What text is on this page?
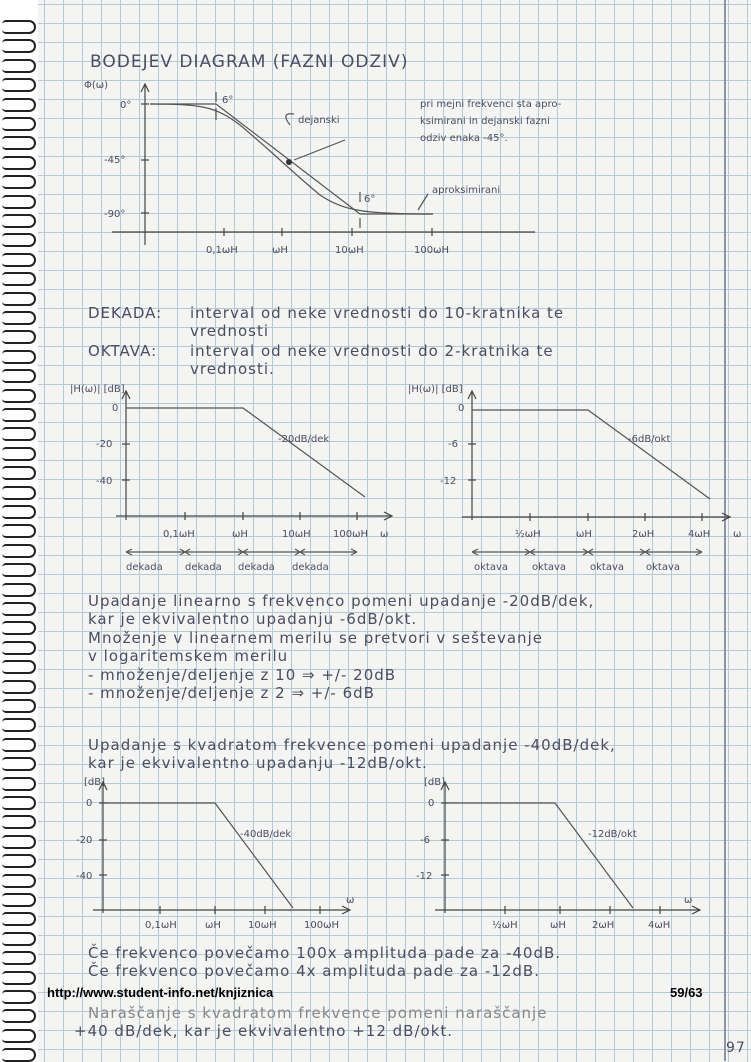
BODEJEV DIAGRAM (FAZNI ODZIV)
Φ(ω)
0°
-45°
-90°
0,1ωH	ωH	10ωH	100ωH
6°
6°
dejanski
aproksimirani
pri mejni frekvenci sta apro-
ksimirani in dejanski fazni
odziv enaka -45°.
DEKADA: interval od neke vrednosti do 10-kratnika te
vrednosti
OKTAVA: interval od neke vrednosti do 2-kratnika te
vrednosti.
|H(ω)| [dB]
0
-20
-40
-20dB/dek
0,1ωH	ωH	10ωH 100ωH ω
dekada dekada dekada dekada
|H(ω)| [dB]
0
-6
-12
-6dB/okt
½ωH	ωH	2ωH	4ωH ω
oktava oktava oktava oktava
Upadanje linearno s frekvenco pomeni upadanje -20dB/dek,
kar je ekvivalentno upadanju -6dB/okt.
Množenje v linearnem merilu se pretvori v seštevanje
v logaritemskem merilu
- množenje/deljenje z 10 ⇒ +/- 20dB
- množenje/deljenje z 2 ⇒ +/- 6dB
Upadanje s kvadratom frekvence pomeni upadanje -40dB/dek,
kar je ekvivalentno upadanju -12dB/okt.
[dB]
0
-20
-40
-40dB/dek
0,1ωH	ωH	10ωH	100ωH
ω
[dB]
0
-6
-12
-12dB/okt
½ωH	ωH	2ωH	4ωH
ω
Če frekvenco povečamo 100x amplituda pade za -40dB.
Če frekvenco povečamo 4x amplituda pade za -12dB.
http://www.student-info.net/knjiznica	59/63
Naraščanje s kvadratom frekvence pomeni naraščanje
+40 dB/dek, kar je ekvivalentno +12 dB/okt.
97
